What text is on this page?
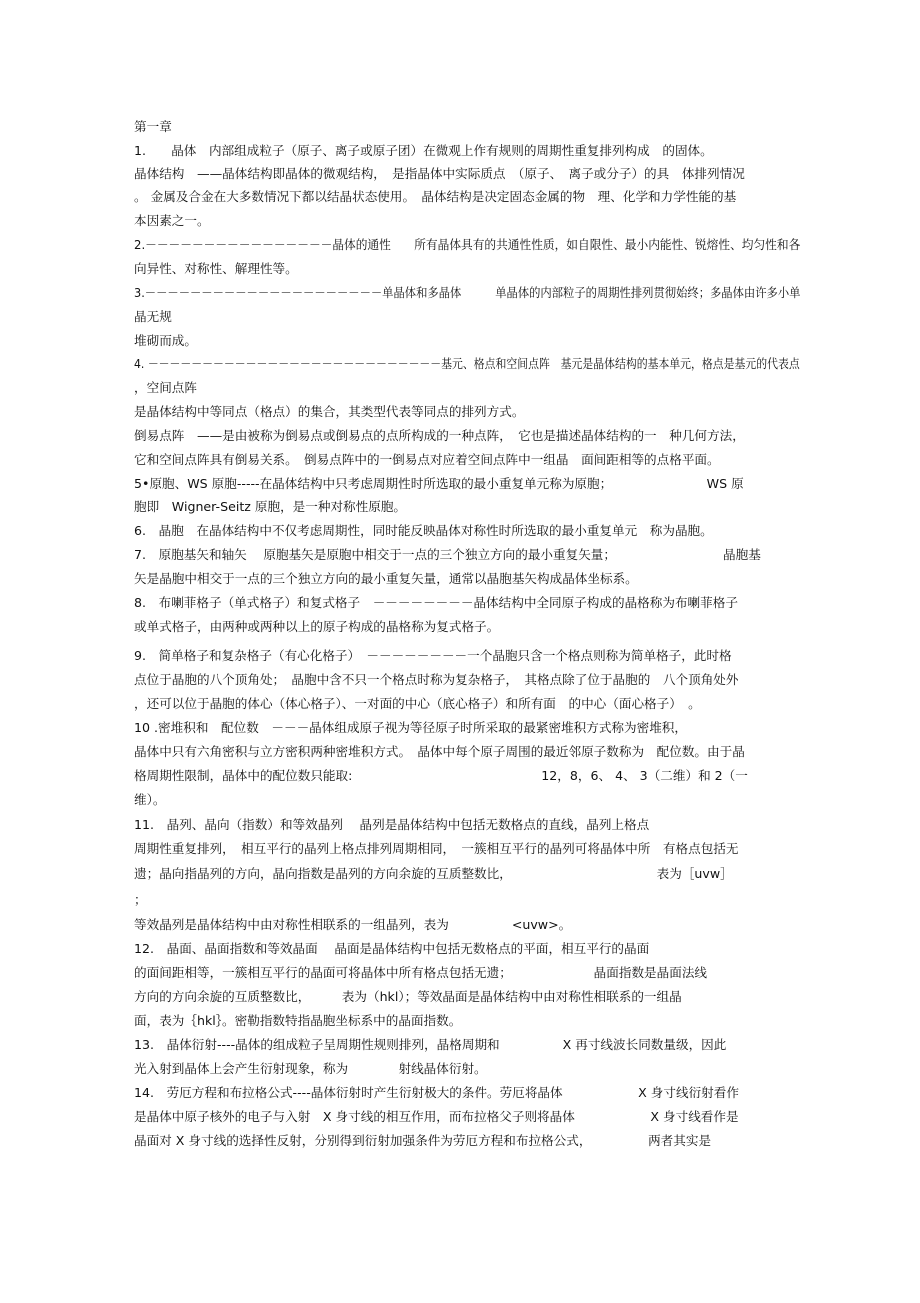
第一章
1.　　晶体　内部组成粒子（原子、离子或原子团）在微观上作有规则的周期性重复排列构成　的固体。
晶体结构　——晶体结构即晶体的微观结构，　是指晶体中实际质点　（原子、　离子或分子）的具　体排列情况
。 金属及合金在大多数情况下都以结晶状态使用。　晶体结构是决定固态金属的物　理、化学和力学性能的基
本因素之一。
2.－－－－－－－－－－－－－－－－晶体的通性　　所有晶体具有的共通性性质，如自限性、最小内能性、锐熔性、均匀性和各
向异性、对称性、解理性等。
3.－－－－－－－－－－－－－－－－－－－－－单晶体和多晶体　　　单晶体的内部粒子的周期性排列贯彻始终；多晶体由许多小单
晶无规
堆砌而成。
4. －－－－－－－－－－－－－－－－－－－－－－－－－－－基元、格点和空间点阵　基元是晶体结构的基本单元，格点是基元的代表点
，空间点阵
是晶体结构中等同点（格点）的集合，其类型代表等同点的排列方式。
倒易点阵　——是由被称为倒易点或倒易点的点所构成的一种点阵，　它也是描述晶体结构的一　种几何方法，
它和空间点阵具有倒易关系。　倒易点阵中的一倒易点对应着空间点阵中一组晶　面间距相等的点格平面。
5•原胞、WS 原胞-----在晶体结构中只考虑周期性时所选取的最小重复单元称为原胞；　　　　　　　　WS 原
胞即　Wigner-Seitz 原胞，是一种对称性原胞。
6.　晶胞　在晶体结构中不仅考虑周期性，同时能反映晶体对称性时所选取的最小重复单元　称为晶胞。
7.　原胞基矢和轴矢　 原胞基矢是原胞中相交于一点的三个独立方向的最小重复矢量；　　　　　　　　　晶胞基
矢是晶胞中相交于一点的三个独立方向的最小重复矢量，通常以晶胞基矢构成晶体坐标系。
8.　布喇菲格子（单式格子）和复式格子　－－－－－－－－晶体结构中全同原子构成的晶格称为布喇菲格子
或单式格子，由两种或两种以上的原子构成的晶格称为复式格子。
9.　简单格子和复杂格子（有心化格子）　－－－－－－－－一个晶胞只含一个格点则称为简单格子，此时格
点位于晶胞的八个顶角处；　晶胞中含不只一个格点时称为复杂格子，　其格点除了位于晶胞的　八个顶角处外
，还可以位于晶胞的体心（体心格子）、一对面的中心（底心格子）和所有面　的中心（面心格子）　。
10 .密堆积和　配位数　－－－晶体组成原子视为等径原子时所采取的最紧密堆积方式称为密堆积，
晶体中只有六角密积与立方密积两种密堆积方式。　晶体中每个原子周围的最近邻原子数称为　配位数。由于晶
格周期性限制，晶体中的配位数只能取:　　　　　　　　　　　　　　　12，8，6、 4、 3（二维）和 2（一
维）。
11.　晶列、晶向（指数）和等效晶列　 晶列是晶体结构中包括无数格点的直线，晶列上格点
周期性重复排列，　相互平行的晶列上格点排列周期相同，　一簇相互平行的晶列可将晶体中所　有格点包括无
遗；晶向指晶列的方向，晶向指数是晶列的方向余旋的互质整数比，　　　　　　　　　　　　表为［uvw］
；
等效晶列是晶体结构中由对称性相联系的一组晶列，表为　　　　　<uvw>。
12.　晶面、晶面指数和等效晶面　 晶面是晶体结构中包括无数格点的平面，相互平行的晶面
的面间距相等，一簇相互平行的晶面可将晶体中所有格点包括无遗；　　　　　　　晶面指数是晶面法线
方向的方向余旋的互质整数比，　　　表为（hkl）；等效晶面是晶体结构中由对称性相联系的一组晶
面，表为｛hkl｝。密勒指数特指晶胞坐标系中的晶面指数。
13.　晶体衍射----晶体的组成粒子呈周期性规则排列，晶格周期和　　　　　X 再寸线波长同数量级，因此
光入射到晶体上会产生衍射现象，称为　　　　射线晶体衍射。
14.　劳厄方程和布拉格公式----晶体衍射时产生衍射极大的条件。劳厄将晶体　　　　　　X 身寸线衍射看作
是晶体中原子核外的电子与入射　X 身寸线的相互作用，而布拉格父子则将晶体　　　　　　X 身寸线看作是
晶面对 X 身寸线的选择性反射，分别得到衍射加强条件为劳厄方程和布拉格公式，　　　　　两者其实是
